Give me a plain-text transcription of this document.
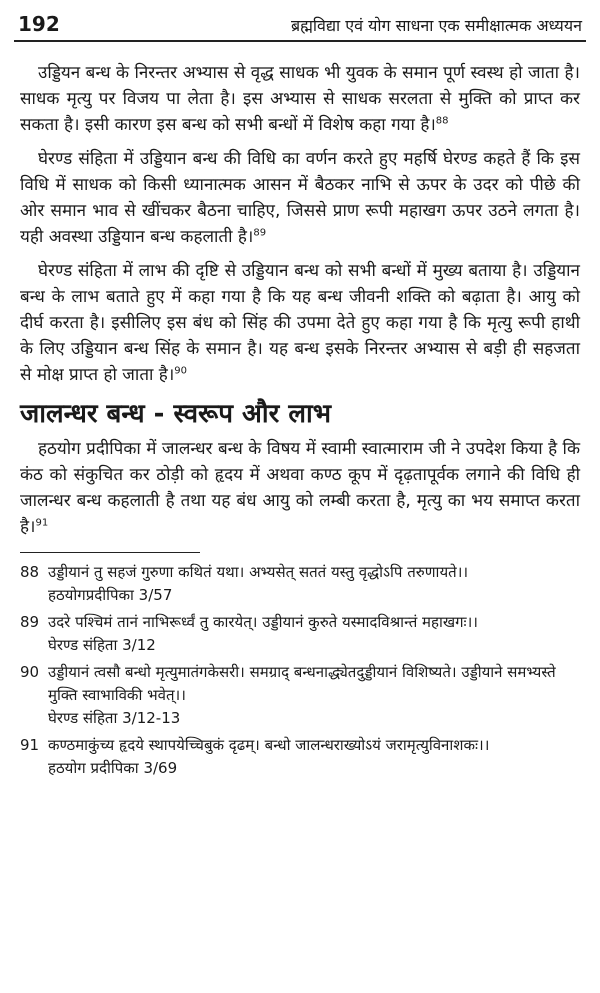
192	ब्रह्मविद्या एवं योग साधना एक समीक्षात्मक अध्ययन

उड्डियन बन्ध के निरन्तर अभ्यास से वृद्ध साधक भी युवक के समान पूर्ण स्वस्थ हो जाता है। साधक मृत्यु पर विजय पा लेता है। इस अभ्यास से साधक सरलता से मुक्ति को प्राप्त कर सकता है। इसी कारण इस बन्ध को सभी बन्धों में विशेष कहा गया है।$^{88}$

घेरण्ड संहिता में उड्डियान बन्ध की विधि का वर्णन करते हुए महर्षि घेरण्ड कहते हैं कि इस विधि में साधक को किसी ध्यानात्मक आसन में बैठकर नाभि से ऊपर के उदर को पीछे की ओर समान भाव से खींचकर बैठना चाहिए, जिससे प्राण रूपी महाखग ऊपर उठने लगता है। यही अवस्था उड्डियान बन्ध कहलाती है।$^{89}$

घेरण्ड संहिता में लाभ की दृष्टि से उड्डियान बन्ध को सभी बन्धों में मुख्य बताया है। उड्डियान बन्ध के लाभ बताते हुए में कहा गया है कि यह बन्ध जीवनी शक्ति को बढ़ाता है। आयु को दीर्घ करता है। इसीलिए इस बंध को सिंह की उपमा देते हुए कहा गया है कि मृत्यु रूपी हाथी के लिए उड्डियान बन्ध सिंह के समान है। यह बन्ध इसके निरन्तर अभ्यास से बड़ी ही सहजता से मोक्ष प्राप्त हो जाता है।$^{90}$

जालन्धर बन्ध - स्वरूप और लाभ

हठयोग प्रदीपिका में जालन्धर बन्ध के विषय में स्वामी स्वात्माराम जी ने उपदेश किया है कि कंठ को संकुचित कर ठोड़ी को हृदय में अथवा कण्ठ कूप में दृढ़तापूर्वक लगाने की विधि ही जालन्धर बन्ध कहलाती है तथा यह बंध आयु को लम्बी करता है, मृत्यु का भय समाप्त करता है।$^{91}$

88 उड्डीयानं तु सहजं गुरुणा कथितं यथा। अभ्यसेत् सततं यस्तु वृद्धोऽपि तरुणायते।।
हठयोगप्रदीपिका 3/57
89 उदरे पश्चिमं तानं नाभिरूर्ध्वं तु कारयेत्। उड्डीयानं कुरुते यस्मादविश्रान्तं महाखगः।।
घेरण्ड संहिता 3/12
90 उड्डीयानं त्वसौ बन्धो मृत्युमातंगकेसरी। समग्राद् बन्धनाद्ध्येतदुड्डीयानं विशिष्यते। उड्डीयाने समभ्यस्ते मुक्ति स्वाभाविकी भवेत्।।
घेरण्ड संहिता 3/12-13
91 कण्ठमाकुंच्य हृदये स्थापयेच्चिबुकं दृढम्। बन्धो जालन्धराख्योऽयं जरामृत्युविनाशकः।।
हठयोग प्रदीपिका 3/69
